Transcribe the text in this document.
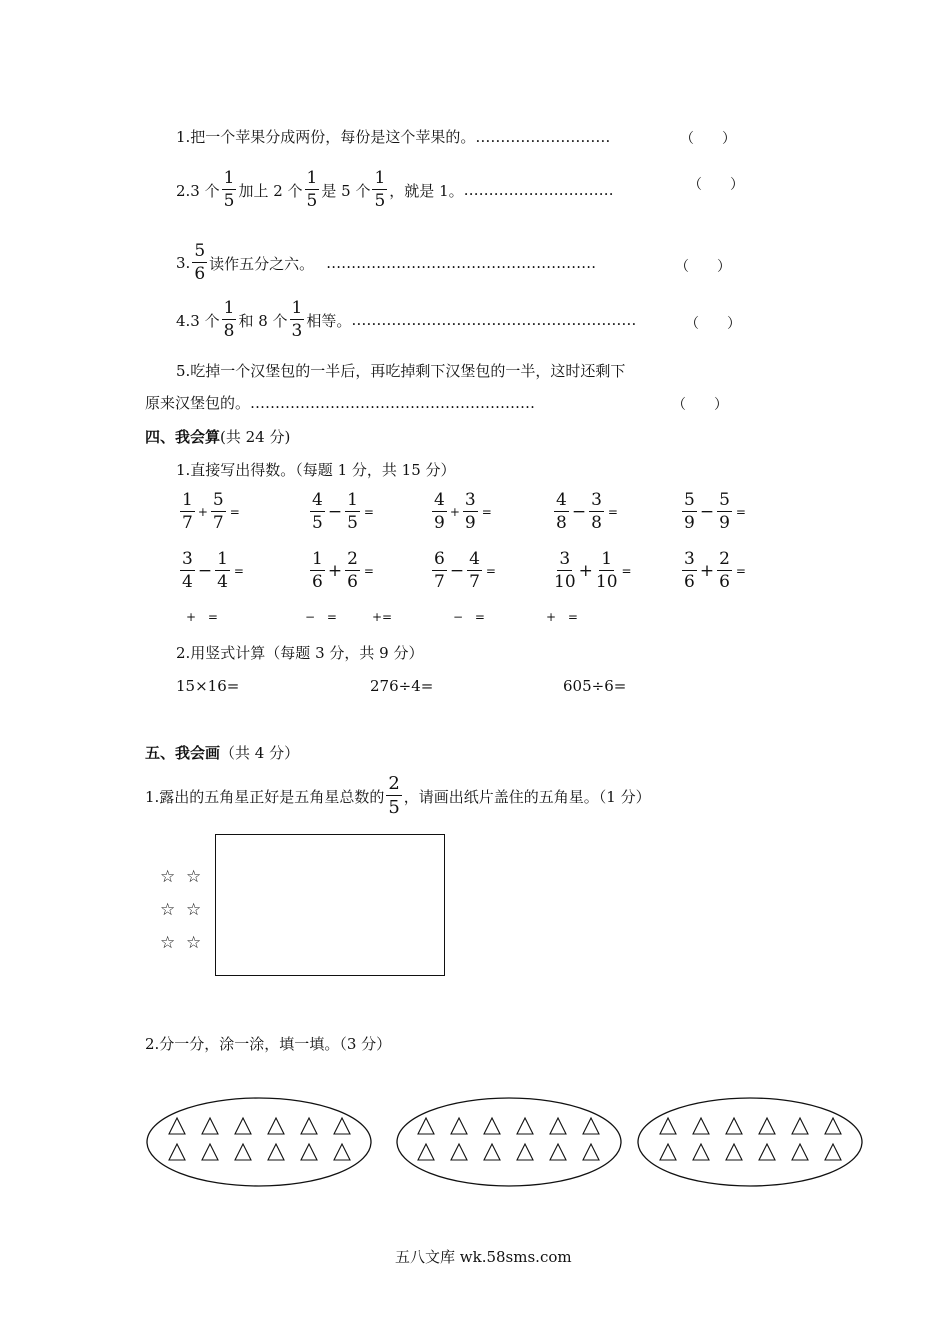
1.把一个苹果分成两份，每份是这个苹果的。 ………………………	（　　）
2.3 个 $\frac{1}{5}$ 加上 2 个 $\frac{1}{5}$ 是 5 个 $\frac{1}{5}$ ，就是 1。 …………………………	（　　）
3. $\frac{5}{6}$ 读作五分之六。 ………………………………………………	（　　）
4.3 个 $\frac{1}{8}$ 和 8 个 $\frac{1}{3}$ 相等。 …………………………………………………	（　　）
5.吃掉一个汉堡包的一半后，再吃掉剩下汉堡包的一半，这时还剩下
原来汉堡包的。 …………………………………………………	（　　）
四、我会算 (共 24 分)
1.直接写出得数。（每题 1 分，共 15 分）
$\frac{1}{7} + \frac{5}{7}$ =	$\frac{4}{5} - \frac{1}{5}$ =	$\frac{4}{9} + \frac{3}{9}$ =	$\frac{4}{8} - \frac{3}{8}$ =	$\frac{5}{9} - \frac{5}{9}$ =
$\frac{3}{4} - \frac{1}{4}$ =	$\frac{1}{6} + \frac{2}{6}$ =	$\frac{6}{7} - \frac{4}{7}$ =	$\frac{3}{10} + \frac{1}{10}$ =	$\frac{3}{6} + \frac{2}{6}$ =
+ =	− =	+=	− =	+ =
2.用竖式计算（每题 3 分，共 9 分）
15×16=	276÷4=	605÷6=
五、我会画 （共 4 分）
1.露出的五角星正好是五角星总数的 $\frac{2}{5}$ ，请画出纸片盖住的五角星。（1 分）
☆ ☆
☆ ☆
☆ ☆
2.分一分，涂一涂，填一填。（3 分）
五八文库 wk.58sms.com
